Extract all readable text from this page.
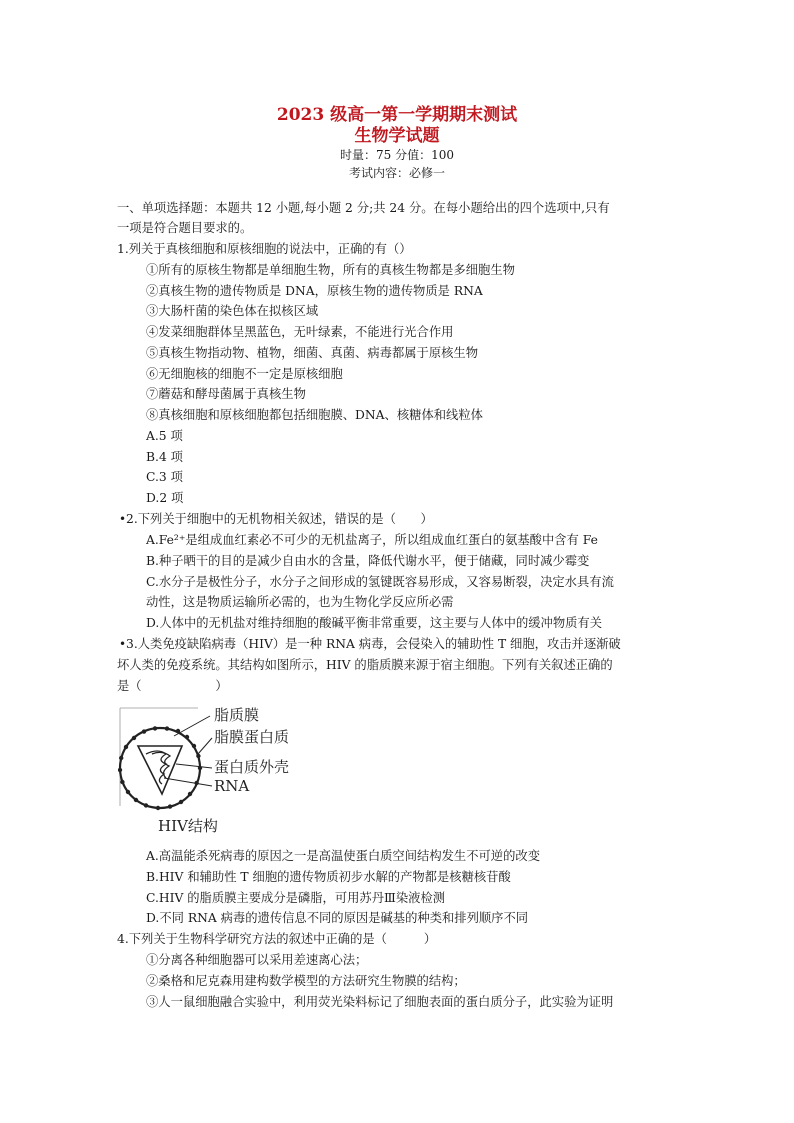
2023 级高一第一学期期末测试
生物学试题
时量：75 分值：100
考试内容：必修一
一、单项选择题：本题共 12 小题,每小题 2 分;共 24 分。在每小题给出的四个选项中,只有
一项是符合题目要求的。
1.列关于真核细胞和原核细胞的说法中，正确的有（）
①所有的原核生物都是单细胞生物，所有的真核生物都是多细胞生物
②真核生物的遗传物质是 DNA，原核生物的遗传物质是 RNA
③大肠杆菌的染色体在拟核区域
④发菜细胞群体呈黑蓝色，无叶绿素，不能进行光合作用
⑤真核生物指动物、植物，细菌、真菌、病毒都属于原核生物
⑥无细胞核的细胞不一定是原核细胞
⑦蘑菇和酵母菌属于真核生物
⑧真核细胞和原核细胞都包括细胞膜、DNA、核糖体和线粒体
A.5 项
B.4 项
C.3 项
D.2 项
• 2.下列关于细胞中的无机物相关叙述，错误的是（　　）
A.Fe²⁺是组成血红素必不可少的无机盐离子，所以组成血红蛋白的氨基酸中含有 Fe
B.种子晒干的目的是减少自由水的含量，降低代谢水平，便于储藏，同时减少霉变
C.水分子是极性分子，水分子之间形成的氢键既容易形成，又容易断裂，决定水具有流
动性，这是物质运输所必需的，也为生物化学反应所必需
D.人体中的无机盐对维持细胞的酸碱平衡非常重要，这主要与人体中的缓冲物质有关
• 3.人类免疫缺陷病毒（HIV）是一种 RNA 病毒，会侵染入的辅助性 T 细胞，攻击并逐渐破
坏人类的免疫系统。其结构如图所示，HIV 的脂质膜来源于宿主细胞。下列有关叙述正确的
是（　　　　　　）
脂质膜
脂膜蛋白质
蛋白质外壳
RNA
HIV结构
A.高温能杀死病毒的原因之一是高温使蛋白质空间结构发生不可逆的改变
B.HIV 和辅助性 T 细胞的遗传物质初步水解的产物都是核糖核苷酸
C.HIV 的脂质膜主要成分是磷脂，可用苏丹Ⅲ染液检测
D.不同 RNA 病毒的遗传信息不同的原因是碱基的种类和排列顺序不同
4.下列关于生物科学研究方法的叙述中正确的是（　　　）
①分离各种细胞器可以采用差速离心法；
②桑格和尼克森用建构数学模型的方法研究生物膜的结构；
③人一鼠细胞融合实验中，利用荧光染料标记了细胞表面的蛋白质分子，此实验为证明
